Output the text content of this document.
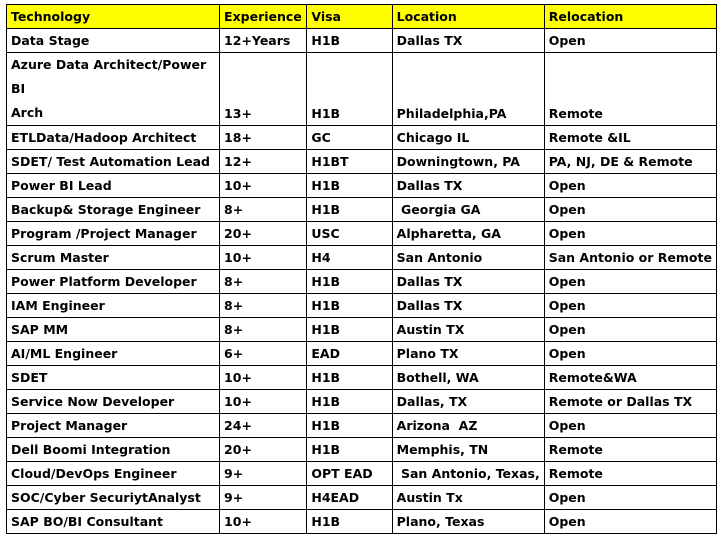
Technology	Experience	Visa	Location	Relocation
Data Stage	12+Years	H1B	Dallas TX	Open

Azure Data Architect/Power BI
Arch	13+	H1B	Philadelphia,PA	Remote
ETLData/Hadoop Architect	18+	GC	Chicago IL	Remote &IL
SDET/ Test Automation Lead	12+	H1BT	Downingtown, PA	PA, NJ, DE & Remote
Power BI Lead	10+	H1B	Dallas TX	Open
Backup& Storage Engineer	8+	H1B	Georgia GA	Open
Program /Project Manager	20+	USC	Alpharetta, GA	Open
Scrum Master	10+	H4	San Antonio	San Antonio or Remote
Power Platform Developer	8+	H1B	Dallas TX	Open
IAM Engineer	8+	H1B	Dallas TX	Open
SAP MM	8+	H1B	Austin TX	Open
AI/ML Engineer	6+	EAD	Plano TX	Open
SDET	10+	H1B	Bothell, WA	Remote&WA
Service Now Developer	10+	H1B	Dallas, TX	Remote or Dallas TX
Project Manager	24+	H1B	Arizona  AZ	Open
Dell Boomi Integration	20+	H1B	Memphis, TN	Remote
Cloud/DevOps Engineer	9+	OPT EAD	San Antonio, Texas,	Remote
SOC/Cyber SecuriytAnalyst	9+	H4EAD	Austin Tx	Open
SAP BO/BI Consultant	10+	H1B	Plano, Texas	Open
